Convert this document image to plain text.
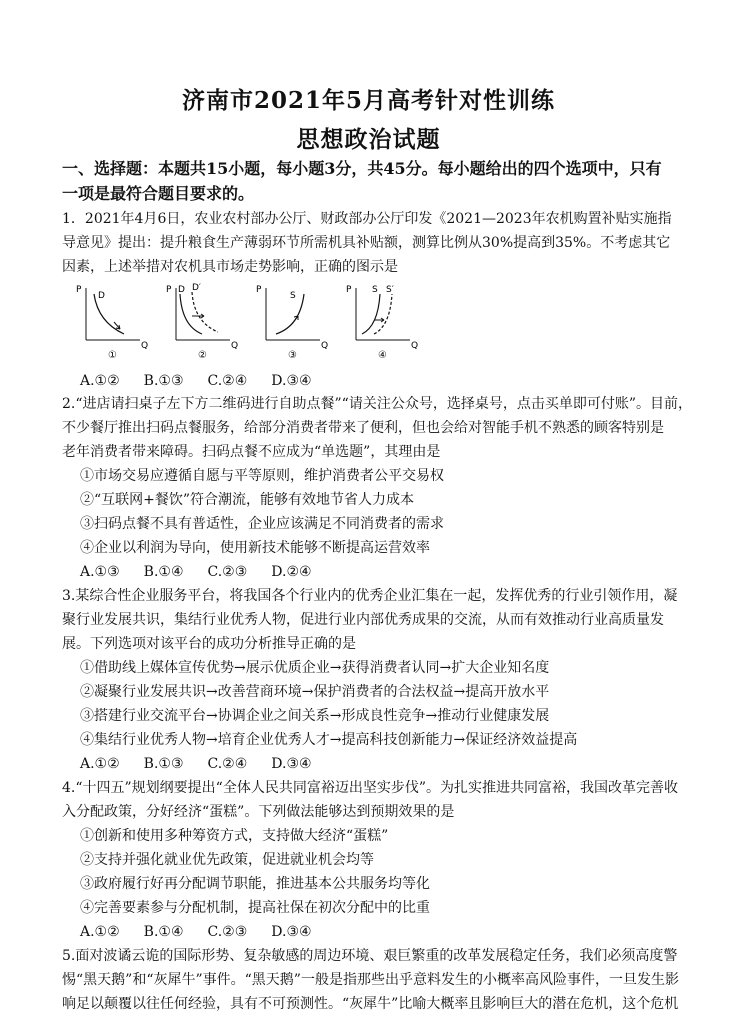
济南市2021年5月高考针对性训练
思想政治试题
一、选择题：本题共15小题，每小题3分，共45分。每小题给出的四个选项中，只有
一项是最符合题目要求的。
1．2021年4月6日，农业农村部办公厅、财政部办公厅印发《2021—2023年农机购置补贴实施指
导意见》提出：提升粮食生产薄弱环节所需机具补贴额，测算比例从30%提高到35%。不考虑其它
因素，上述举措对农机具市场走势影响，正确的图示是
P
Q
D
①
P
Q
D D′
②
P
Q
S
③
P
Q
S S′
④
A.①② B.①③ C.②④ D.③④
2.“进店请扫桌子左下方二维码进行自助点餐”“请关注公众号，选择桌号，点击买单即可付账”。目前，
不少餐厅推出扫码点餐服务，给部分消费者带来了便利，但也会给对智能手机不熟悉的顾客特别是
老年消费者带来障碍。扫码点餐不应成为“单选题”，其理由是
①市场交易应遵循自愿与平等原则，维护消费者公平交易权
②“互联网+餐饮”符合潮流，能够有效地节省人力成本
③扫码点餐不具有普适性，企业应该满足不同消费者的需求
④企业以利润为导向，使用新技术能够不断提高运营效率
A.①③ B.①④ C.②③ D.②④
3.某综合性企业服务平台，将我国各个行业内的优秀企业汇集在一起，发挥优秀的行业引领作用，凝
聚行业发展共识，集结行业优秀人物，促进行业内部优秀成果的交流，从而有效推动行业高质量发
展。下列选项对该平台的成功分析推导正确的是
①借助线上媒体宣传优势→展示优质企业→获得消费者认同→扩大企业知名度
②凝聚行业发展共识→改善营商环境→保护消费者的合法权益→提高开放水平
③搭建行业交流平台→协调企业之间关系→形成良性竞争→推动行业健康发展
④集结行业优秀人物→培育企业优秀人才→提高科技创新能力→保证经济效益提高
A.①② B.①③ C.②④ D.③④
4.“十四五”规划纲要提出“全体人民共同富裕迈出坚实步伐”。为扎实推进共同富裕，我国改革完善收
入分配政策，分好经济“蛋糕”。下列做法能够达到预期效果的是
①创新和使用多种筹资方式，支持做大经济“蛋糕”
②支持并强化就业优先政策，促进就业机会均等
③政府履行好再分配调节职能，推进基本公共服务均等化
④完善要素参与分配机制，提高社保在初次分配中的比重
A.①② B.①④ C.②③ D.③④
5.面对波谲云诡的国际形势、复杂敏感的周边环境、艰巨繁重的改革发展稳定任务，我们必须高度警
惕“黑天鹅”和“灰犀牛”事件。“黑天鹅”一般是指那些出乎意料发生的小概率高风险事件，一旦发生影
响足以颠覆以往任何经验，具有不可预测性。“灰犀牛”比喻大概率且影响巨大的潜在危机，这个危机
